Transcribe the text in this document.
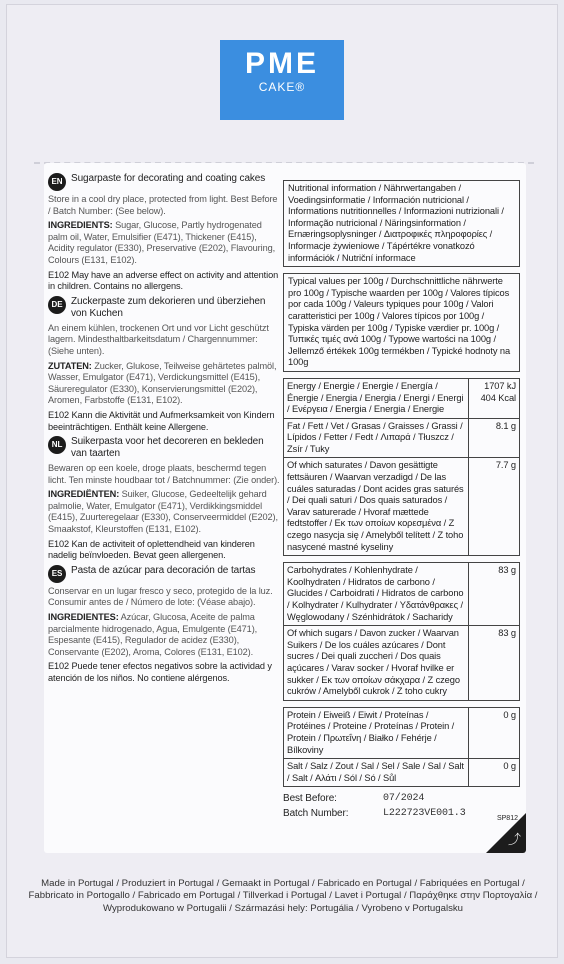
PME
CAKE®
EN Sugarpaste for decorating and coating cakes

Store in a cool dry place, protected from light. Best Before / Batch Number: (See below).

INGREDIENTS: Sugar, Glucose, Partly hydrogenated palm oil, Water, Emulsifier (E471), Thickener (E415), Acidity regulator (E330), Preservative (E202), Flavouring, Colours (E131, E102).

E102 May have an adverse effect on activity and attention in children. Contains no allergens.

DE Zuckerpaste zum dekorieren und überziehen von Kuchen

An einem kühlen, trockenen Ort und vor Licht geschützt lagern. Mindesthaltbarkeitsdatum / Chargennummer: (Siehe unten).

ZUTATEN: Zucker, Glukose, Teilweise gehärtetes palmöl, Wasser, Emulgator (E471), Verdickungsmittel (E415), Säureregulator (E330), Konservierungsmittel (E202), Aromen, Farbstoffe (E131, E102).

E102 Kann die Aktivität und Aufmerksamkeit von Kindern beeinträchtigen. Enthält keine Allergene.

NL Suikerpasta voor het decoreren en bekleden van taarten

Bewaren op een koele, droge plaats, beschermd tegen licht. Ten minste houdbaar tot / Batchnummer: (Zie onder).

INGREDIËNTEN: Suiker, Glucose, Gedeeltelijk gehard palmolie, Water, Emulgator (E471), Verdikkingsmiddel (E415), Zuurteregelaar (E330), Conserveermiddel (E202), Smaakstof, Kleurstoffen (E131, E102).

E102 Kan de activiteit of oplettendheid van kinderen nadelig beïnvloeden. Bevat geen allergenen.

ES Pasta de azúcar para decoración de tartas

Conservar en un lugar fresco y seco, protegido de la luz. Consumir antes de / Número de lote: (Véase abajo).

INGREDIENTES: Azúcar, Glucosa, Aceite de palma parcialmente hidrogenado, Agua, Emulgente (E471), Espesante (E415), Regulador de acidez (E330), Conservante (E202), Aroma, Colores (E131, E102).

E102 Puede tener efectos negativos sobre la actividad y atención de los niños. No contiene alérgenos.

Nutritional information / Nährwertangaben / Voedingsinformatie / Información nutricional / Informations nutritionnelles / Informazioni nutrizionali / Informação nutricional / Näringsinformation / Ernæringsoplysninger / Διατροφικές πληροφορίες / Informacje żywieniowe / Tápértékre vonatkozó információk / Nutriční informace
Typical values per 100g / Durchschnittliche nährwerte pro 100g / Typische waarden per 100g / Valores típicos por cada 100g / Valeurs typiques pour 100g / Valori caratteristici per 100g / Valores típicos por 100g / Typiska värden per 100g / Typiske værdier pr. 100g / Τυπικές τιμές ανά 100g / Typowe wartości na 100g / Jellemző értékek 100g termékben / Typické hodnoty na 100g
Energy / Energie / Energie / Energía / Énergie / Energia / Energia / Energi / Energi / Ενέργεια / Energia / Energia / Energie
1707 kJ
404 Kcal
Fat / Fett / Vet / Grasas / Graisses / Grassi / Lípidos / Fetter / Fedt / Λιπαρά / Tłuszcz / Zsír / Tuky
8.1 g
Of which saturates / Davon gesättigte fettsäuren / Waarvan verzadigd / De las cuáles saturadas / Dont acides gras saturés / Dei quali saturi / Dos quais saturados / Varav saturerade / Hvoraf mættede fedtstoffer / Εκ των οποίων κορεσμένα / Z czego nasycja się / Amelyből telített / Z toho nasycené mastné kyseliny
7.7 g
Carbohydrates / Kohlenhydrate / Koolhydraten / Hidratos de carbono / Glucides / Carboidrati / Hidratos de carbono / Kolhydrater / Kulhydrater / Υδατάνθρακες / Węglowodany / Szénhidrátok / Sacharidy
83 g
Of which sugars / Davon zucker / Waarvan Suikers / De los cuáles azúcares / Dont sucres / Dei quali zuccheri / Dos quais açúcares / Varav socker / Hvoraf hvilke er sukker / Εκ των οποίων σάκχαρα / Z czego cukrów / Amelyből cukrok / Z toho cukry
83 g
Protein / Eiweiß / Eiwit / Proteínas / Protéines / Proteine / Proteínas / Protein / Protein / Πρωτεΐνη / Białko / Fehérje / Bílkoviny
0 g
Salt / Salz / Zout / Sal / Sel / Sale / Sal / Salt / Salt / Αλάτι / Sól / Só / Sůl
0 g
Best Before:	07/2024
Batch Number:	L222723VE001.3	SP812
⤴
Made in Portugal / Produziert in Portugal / Gemaakt in Portugal / Fabricado en Portugal / Fabriquées en Portugal / Fabbricato in Portogallo / Fabricado em Portugal / Tillverkad i Portugal / Lavet i Portugal / Παράχθηκε στην Πορτογαλία / Wyprodukowano w Portugalii / Származási hely: Portugália / Vyrobeno v Portugalsku
